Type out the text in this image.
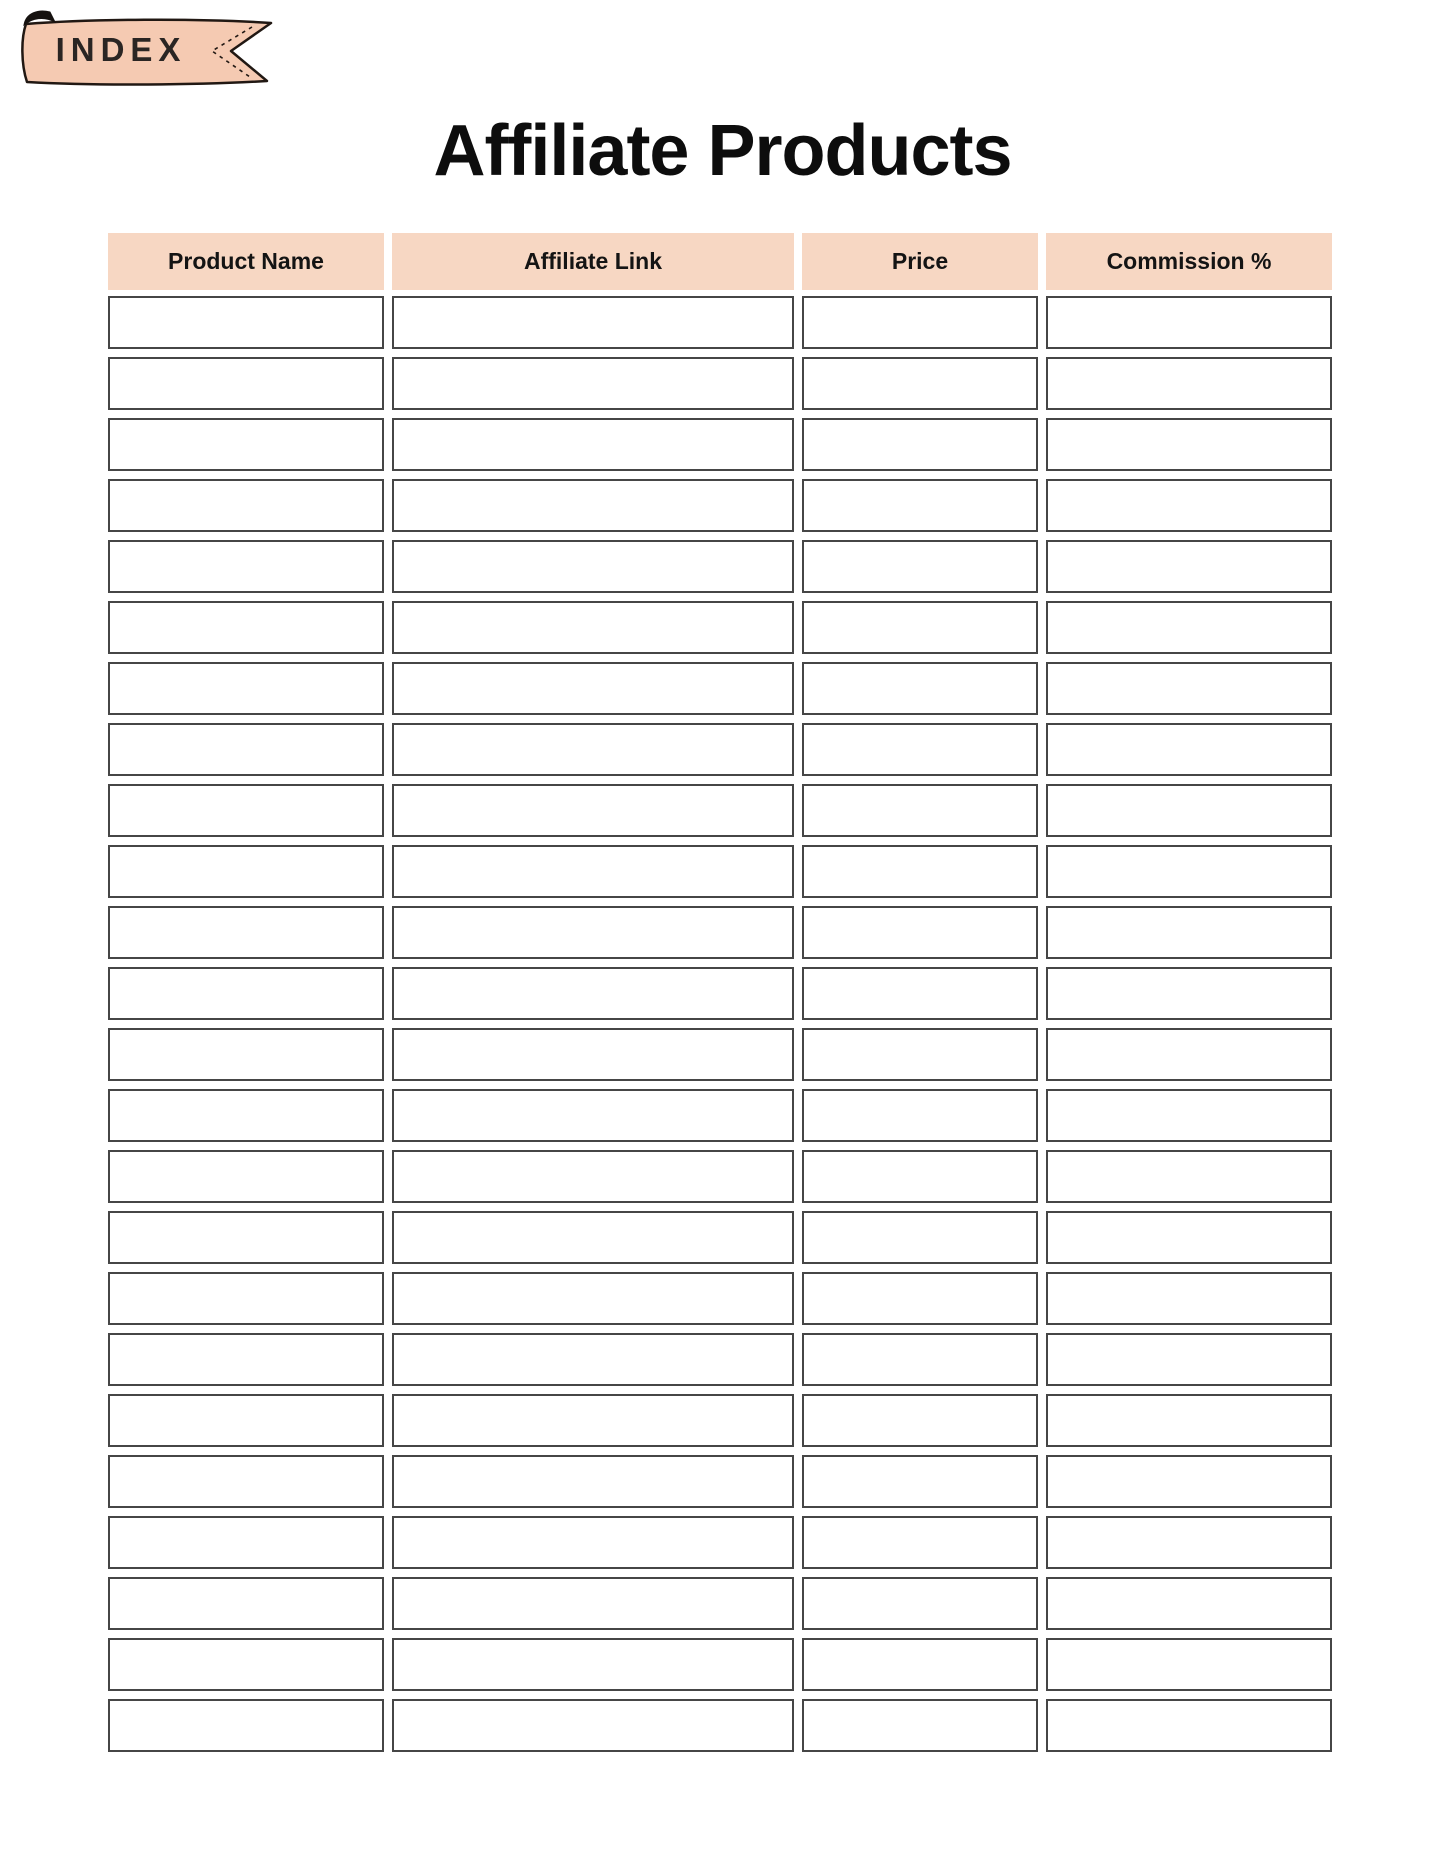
INDEX
Affiliate Products
Product Name	Affiliate Link	Price	Commission %
